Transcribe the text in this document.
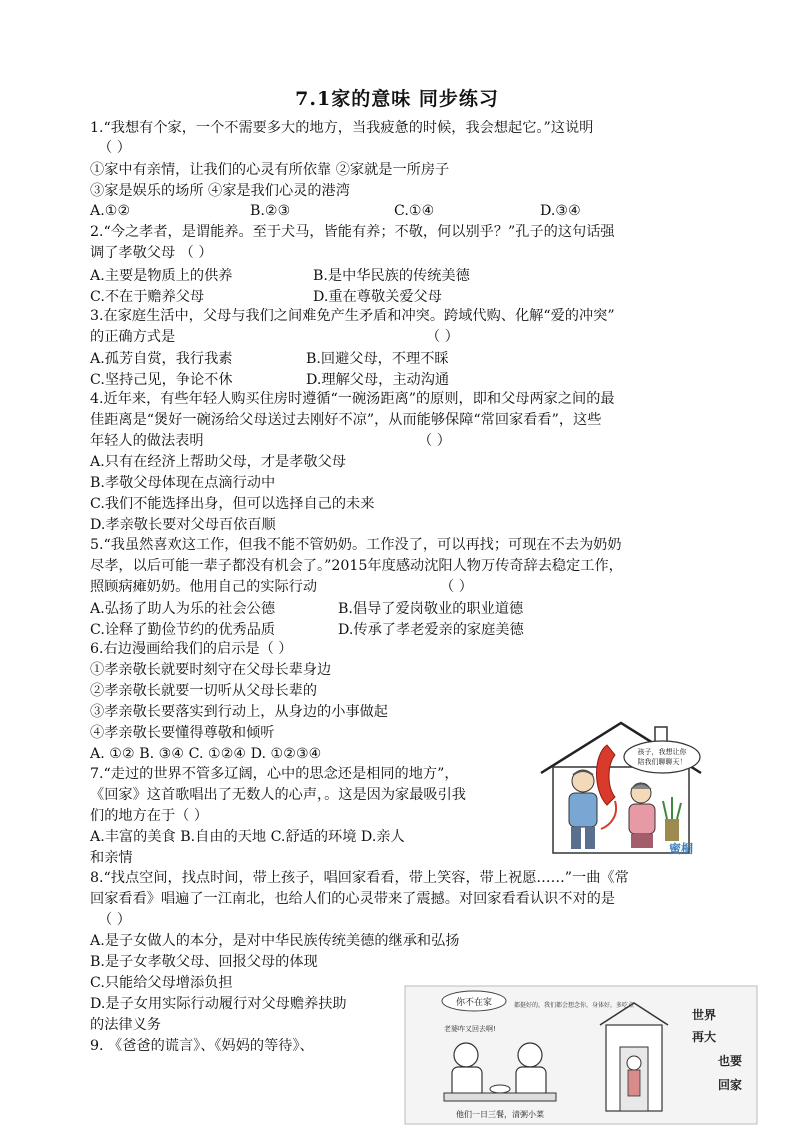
7.1家的意味 同步练习
1.“我想有个家，一个不需要多大的地方，当我疲惫的时候，我会想起它。”这说明
（ ）
①家中有亲情，让我们的心灵有所依靠 ②家就是一所房子
③家是娱乐的场所 ④家是我们心灵的港湾
A.①②	B.②③	C.①④	D.③④
2.“今之孝者，是谓能养。至于犬马，皆能有养；不敬，何以别乎？”孔子的这句话强
调了孝敬父母 （ ）
A.主要是物质上的供养	B.是中华民族的传统美德
C.不在于赡养父母	D.重在尊敬关爱父母
3.在家庭生活中，父母与我们之间难免产生矛盾和冲突。跨域代购、化解“爱的冲突”
的正确方式是	（ ）
A.孤芳自赏，我行我素	B.回避父母，不理不睬
C.坚持己见，争论不休	D.理解父母，主动沟通
4.近年来，有些年轻人购买住房时遵循“一碗汤距离”的原则，即和父母两家之间的最
佳距离是“煲好一碗汤给父母送过去刚好不凉”，从而能够保障“常回家看看”，这些
年轻人的做法表明	（ ）
A.只有在经济上帮助父母，才是孝敬父母
B.孝敬父母体现在点滴行动中
C.我们不能选择出身，但可以选择自己的未来
D.孝亲敬长要对父母百依百顺
5.“我虽然喜欢这工作，但我不能不管奶奶。工作没了，可以再找；可现在不去为奶奶
尽孝，以后可能一辈子都没有机会了。”2015年度感动沈阳人物万传奇辞去稳定工作，
照顾病瘫奶奶。他用自己的实际行动	（ ）
A.弘扬了助人为乐的社会公德	B.倡导了爱岗敬业的职业道德
C.诠释了勤俭节约的优秀品质	D.传承了孝老爱亲的家庭美德
6.右边漫画给我们的启示是（ ）
①孝亲敬长就要时刻守在父母长辈身边
②孝亲敬长就要一切听从父母长辈的
③孝亲敬长要落实到行动上，从身边的小事做起
④孝亲敬长要懂得尊敬和倾听
A. ①② B. ③④ C. ①②④ D. ①②③④
7.“走过的世界不管多辽阔，心中的思念还是相同的地方”，
《回家》这首歌唱出了无数人的心声，。这是因为家最吸引我
们的地方在于（ ）
A.丰富的美食 B.自由的天地 C.舒适的环境 D.亲人
和亲情
8.“找点空间，找点时间，带上孩子，唱回家看看，带上笑容，带上祝愿……”一曲《常
回家看看》唱遍了一江南北，也给人们的心灵带来了震撼。对回家看看认识不对的是
（ ）
A.是子女做人的本分，是对中华民族传统美德的继承和弘扬
B.是子女孝敬父母、回报父母的体现
C.只能给父母增添负担
D.是子女用实际行动履行对父母赡养扶助
的法律义务
9. 《爸爸的谎言》、《妈妈的等待》、
孩子，我想让你
陪我们聊聊天！
蜜桐
你不在家
老婆咋又回去啊!
都挺好的，我们都会想念你，身体好，多吃点
他们一日三餐，清粥小菜
世界
再大
也要
回家
